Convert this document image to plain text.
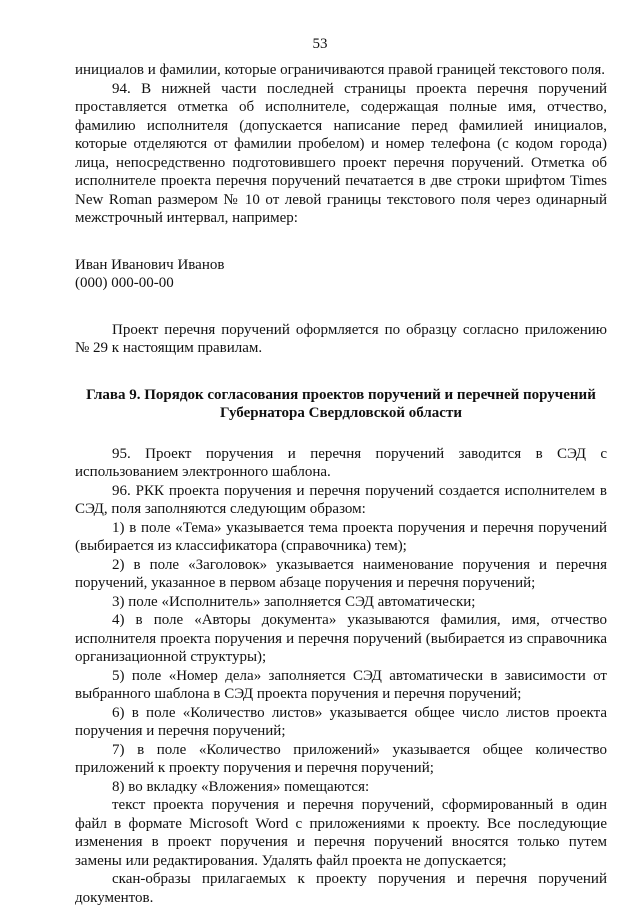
53

инициалов и фамилии, которые ограничиваются правой границей текстового поля.

94. В нижней части последней страницы проекта перечня поручений проставляется отметка об исполнителе, содержащая полные имя, отчество, фамилию исполнителя (допускается написание перед фамилией инициалов, которые отделяются от фамилии пробелом) и номер телефона (с кодом города) лица, непосредственно подготовившего проект перечня поручений. Отметка об исполнителе проекта перечня поручений печатается в две строки шрифтом Times New Roman размером № 10 от левой границы текстового поля через одинарный межстрочный интервал, например:

Иван Иванович Иванов

(000) 000-00-00

Проект перечня поручений оформляется по образцу согласно приложению № 29 к настоящим правилам.

Глава 9. Порядок согласования проектов поручений и перечней поручений
Губернатора Свердловской области

95. Проект поручения и перечня поручений заводится в СЭД с использованием электронного шаблона.

96. РКК проекта поручения и перечня поручений создается исполнителем в СЭД, поля заполняются следующим образом:

1) в поле «Тема» указывается тема проекта поручения и перечня поручений (выбирается из классификатора (справочника) тем);

2) в поле «Заголовок» указывается наименование поручения и перечня поручений, указанное в первом абзаце поручения и перечня поручений;

3) поле «Исполнитель» заполняется СЭД автоматически;

4) в поле «Авторы документа» указываются фамилия, имя, отчество исполнителя проекта поручения и перечня поручений (выбирается из справочника организационной структуры);

5) поле «Номер дела» заполняется СЭД автоматически в зависимости от выбранного шаблона в СЭД проекта поручения и перечня поручений;

6) в поле «Количество листов» указывается общее число листов проекта поручения и перечня поручений;

7) в поле «Количество приложений» указывается общее количество приложений к проекту поручения и перечня поручений;

8) во вкладку «Вложения» помещаются:

текст проекта поручения и перечня поручений, сформированный в один файл в формате Microsoft Word с приложениями к проекту. Все последующие изменения в проект поручения и перечня поручений вносятся только путем замены или редактирования. Удалять файл проекта не допускается;

скан-образы прилагаемых к проекту поручения и перечня поручений документов.
